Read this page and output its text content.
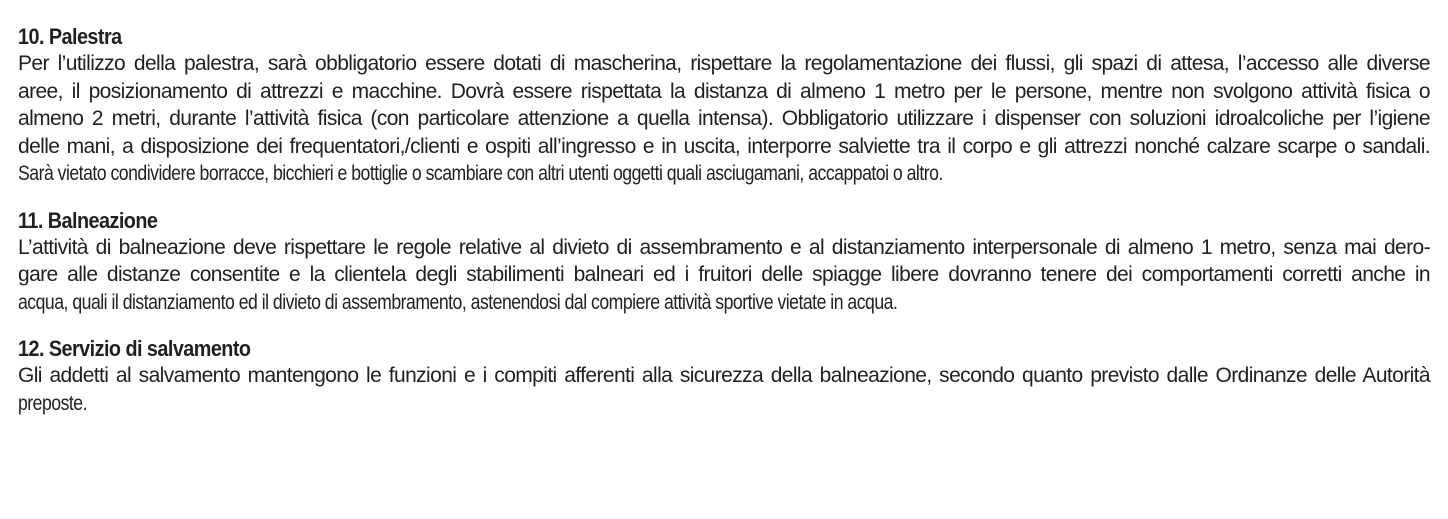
10. Palestra
Per l’utilizzo della palestra, sarà obbligatorio essere dotati di mascherina, rispettare la regolamentazione dei flussi, gli spazi di attesa, l’accesso alle diverse
aree, il posizionamento di attrezzi e macchine. Dovrà essere rispettata la distanza di almeno 1 metro per le persone, mentre non svolgono attività fisica o
almeno 2 metri, durante l’attività fisica (con particolare attenzione a quella intensa). Obbligatorio utilizzare i dispenser con soluzioni idroalcoliche per l’igiene
delle mani, a disposizione dei frequentatori,/clienti e ospiti all’ingresso e in uscita, interporre salviette tra il corpo e gli attrezzi nonché calzare scarpe o sandali.
Sarà vietato condividere borracce, bicchieri e bottiglie o scambiare con altri utenti oggetti quali asciugamani, accappatoi o altro.
11. Balneazione
L’attività di balneazione deve rispettare le regole relative al divieto di assembramento e al distanziamento interpersonale di almeno 1 metro, senza mai dero-
gare alle distanze consentite e la clientela degli stabilimenti balneari ed i fruitori delle spiagge libere dovranno tenere dei comportamenti corretti anche in
acqua, quali il distanziamento ed il divieto di assembramento, astenendosi dal compiere attività sportive vietate in acqua.
12. Servizio di salvamento
Gli addetti al salvamento mantengono le funzioni e i compiti afferenti alla sicurezza della balneazione, secondo quanto previsto dalle Ordinanze delle Autorità
preposte.
